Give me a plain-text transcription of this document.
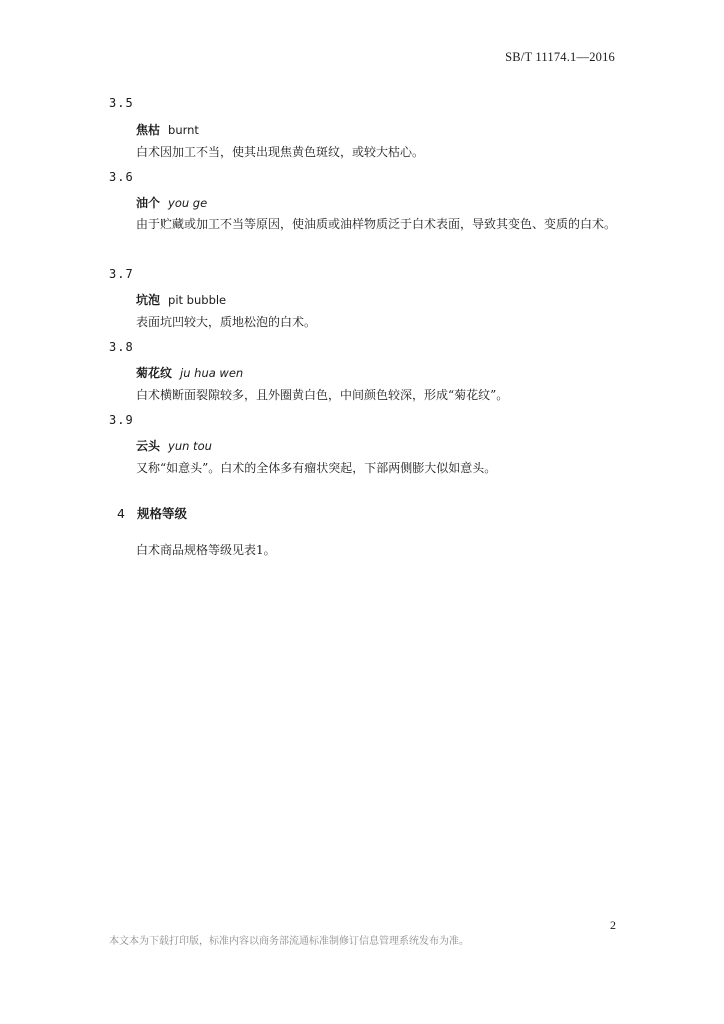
SB/T 11174.1—2016
3.5
焦枯 burnt
白术因加工不当，使其出现焦黄色斑纹，或较大枯心。
3.6
油个 you ge
由于贮藏或加工不当等原因，使油质或油样物质泛于白术表面，导致其变色、变质的白术。
3.7
坑泡 pit bubble
表面坑凹较大，质地松泡的白术。
3.8
菊花纹 ju hua wen
白术横断面裂隙较多，且外圈黄白色，中间颜色较深，形成“菊花纹”。
3.9
云头 yun tou
又称“如意头”。白术的全体多有瘤状突起，下部两侧膨大似如意头。
4 规格等级
白术商品规格等级见表1。
2
本文本为下载打印版，标准内容以商务部流通标准制修订信息管理系统发布为准。
